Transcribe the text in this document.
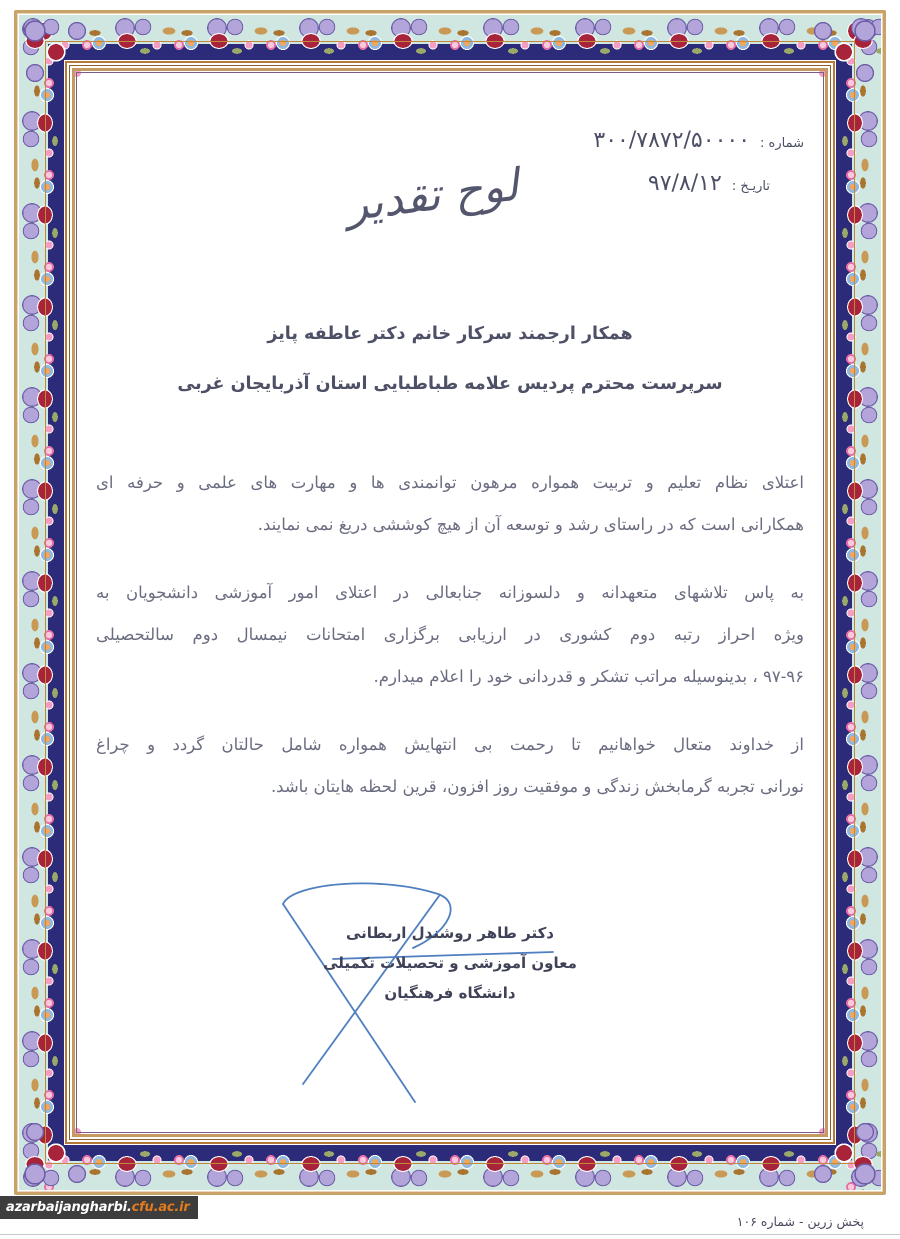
شماره :
۳۰۰/۷۸۷۲/۵۰۰۰۰
تاریـخ :
۹۷/۸/۱۲
لوح تقدیر
همکار ارجمند سرکار خانم دکتر عاطفه پایز
سرپرست محترم پردیس علامه طباطبایی استان آذربایجان غربی
اعتلای نظام تعلیم و تربیت همواره مرهون توانمندی ها و مهارت های علمی و حرفه ای
همکارانی است که در راستای رشد و توسعه آن از هیچ کوششی دریغ نمی نمایند.
به پاس تلاشهای متعهدانه و دلسوزانه جنابعالی در اعتلای امور آموزشی دانشجویان به
ویژه احراز رتبه دوم کشوری در ارزیابی برگزاری امتحانات نیمسال دوم سالتحصیلی
۹۷-۹۶ ، بدینوسیله مراتب تشکر و قدردانی خود را اعلام میدارم.
از خداوند متعال خواهانیم تا رحمت بی انتهایش همواره شامل حالتان گردد و چراغ
نورانی تجربه گرمابخش زندگی و موفقیت روز افزون، قرین لحظه هایتان باشد.
دکتر طاهر روشندل اربطانی
معاون آموزشی و تحصیلات تکمیلی
دانشگاه فرهنگیان
پخش زرین - شماره ۱۰۶
azarbaijangharbi.cfu.ac.ir
